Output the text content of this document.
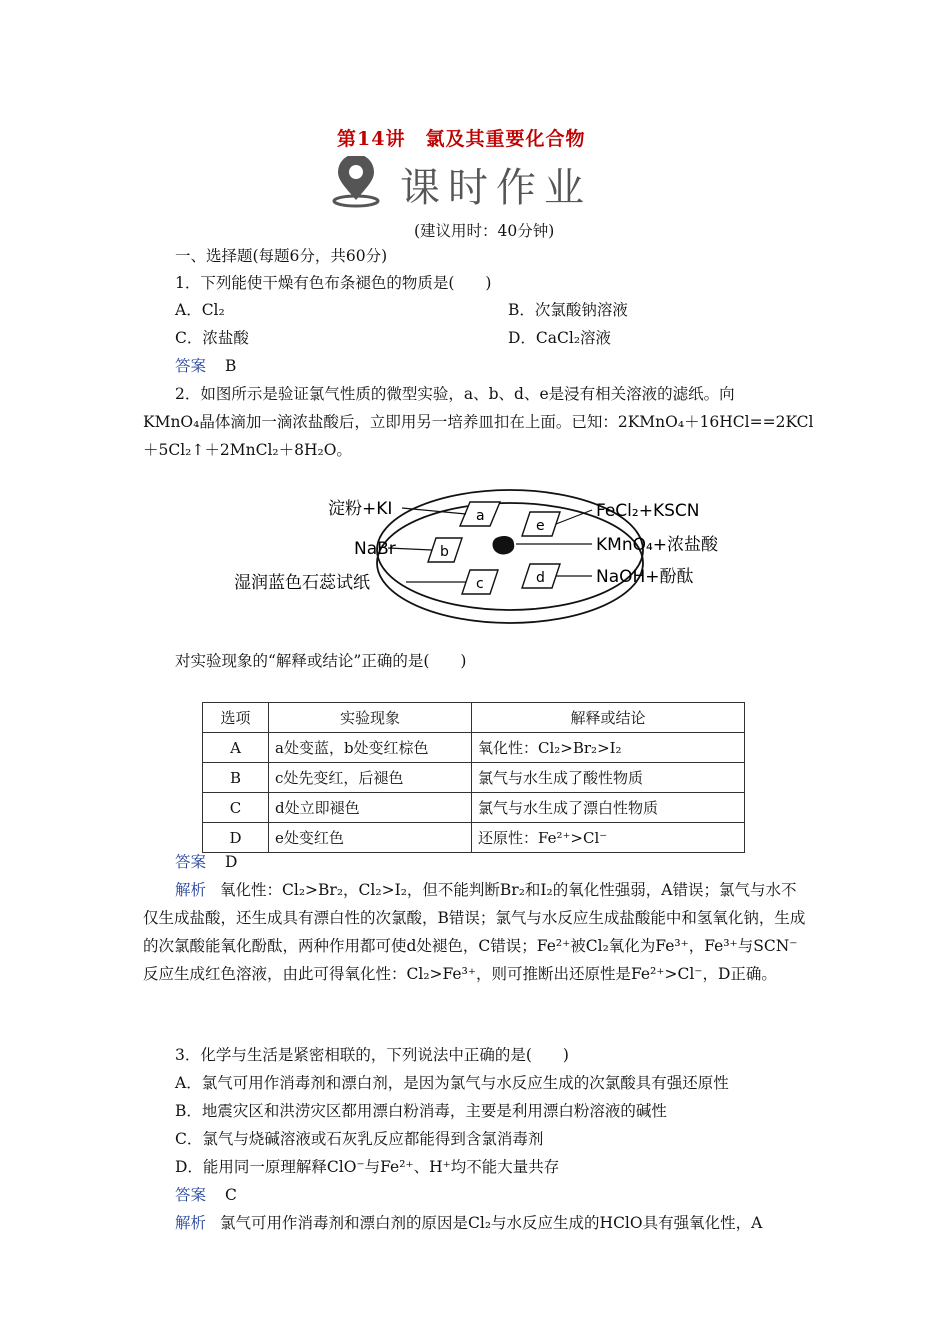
第14讲　氯及其重要化合物
课时作业
(建议用时：40分钟)
一、选择题(每题6分，共60分)
1．下列能使干燥有色布条褪色的物质是(　　)
A．Cl₂	B．次氯酸钠溶液
C．浓盐酸	D．CaCl₂溶液
答案 B
2．如图所示是验证氯气性质的微型实验，a、b、d、e是浸有相关溶液的滤纸。向
KMnO₄晶体滴加一滴浓盐酸后，立即用另一培养皿扣在上面。已知：2KMnO₄＋16HCl==2KCl
＋5Cl₂↑＋2MnCl₂＋8H₂O。
a
b
c	d
e
淀粉+KI
NaBr
湿润蓝色石蕊试纸
FeCl₂+KSCN
KMnO₄+浓盐酸
NaOH+酚酞
对实验现象的“解释或结论”正确的是(　　)
选项	实验现象	解释或结论
A	a处变蓝，b处变红棕色	氧化性：Cl₂>Br₂>I₂
B	c处先变红，后褪色	氯气与水生成了酸性物质
C	d处立即褪色	氯气与水生成了漂白性物质
D	e处变红色	还原性：Fe²⁺>Cl⁻
答案 D
解析 氧化性：Cl₂>Br₂，Cl₂>I₂，但不能判断Br₂和I₂的氧化性强弱，A错误；氯气与水不仅生成盐酸，还生成具有漂白性的次氯酸，B错误；氯气与水反应生成盐酸能中和氢氧化钠，生成的次氯酸能氧化酚酞，两种作用都可使d处褪色，C错误；Fe²⁺被Cl₂氧化为Fe³⁺，Fe³⁺与SCN⁻反应生成红色溶液，由此可得氧化性：Cl₂>Fe³⁺，则可推断出还原性是Fe²⁺>Cl⁻，D正确。
3．化学与生活是紧密相联的，下列说法中正确的是(　　)
A．氯气可用作消毒剂和漂白剂，是因为氯气与水反应生成的次氯酸具有强还原性
B．地震灾区和洪涝灾区都用漂白粉消毒，主要是利用漂白粉溶液的碱性
C．氯气与烧碱溶液或石灰乳反应都能得到含氯消毒剂
D．能用同一原理解释ClO⁻与Fe²⁺、H⁺均不能大量共存
答案 C
解析 氯气可用作消毒剂和漂白剂的原因是Cl₂与水反应生成的HClO具有强氧化性，A
